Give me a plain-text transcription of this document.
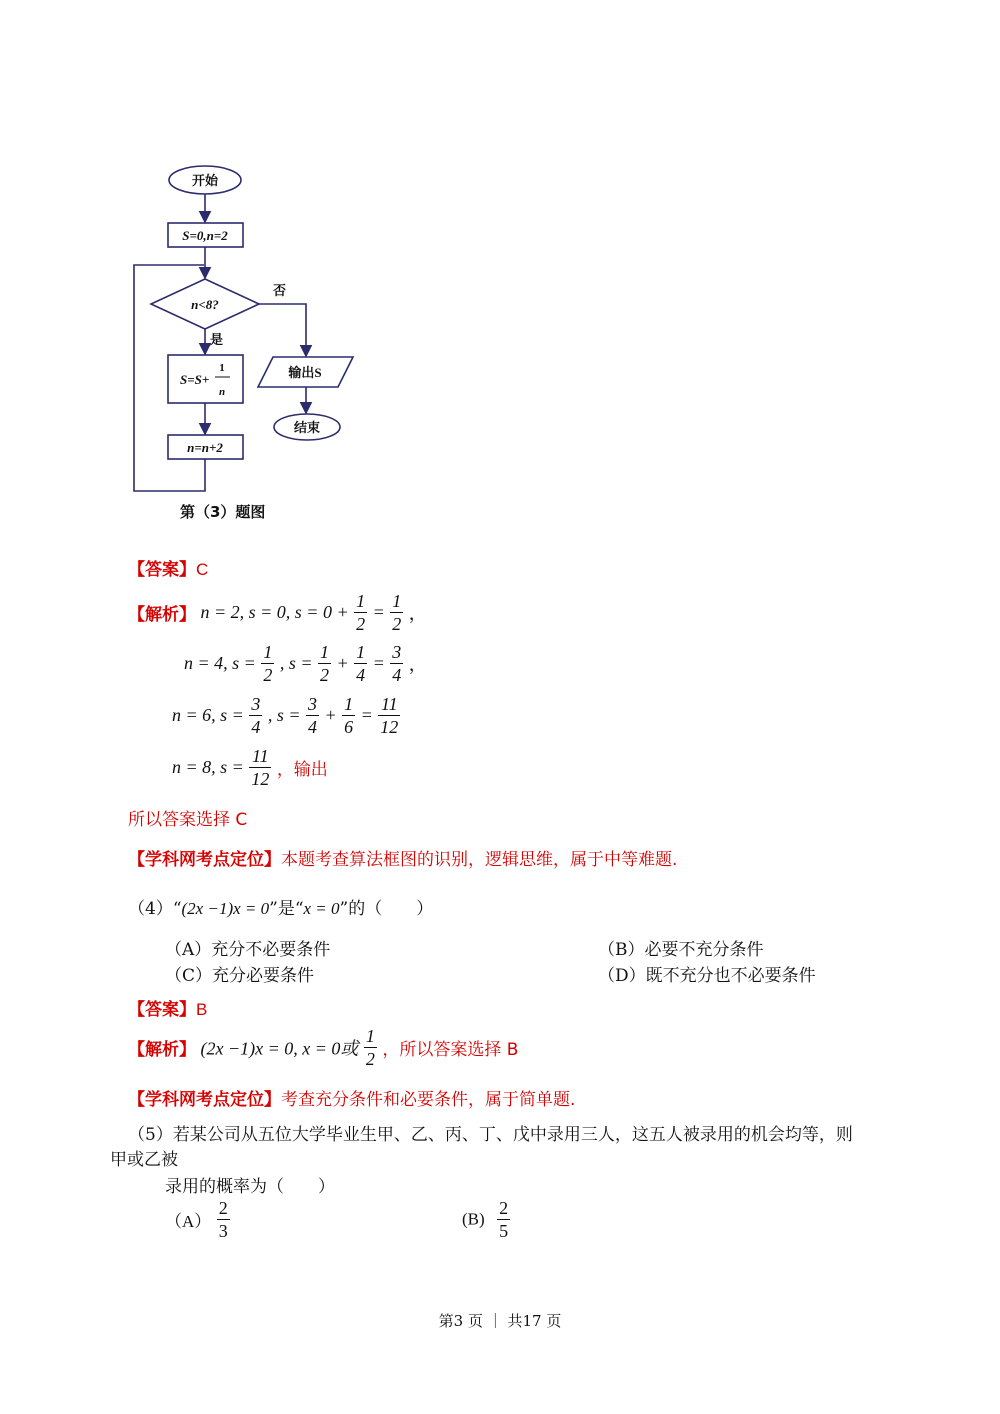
开始
S=0,n=2
n<8?
否
是
S=S+
1
n
输出S
结束
n=n+2
第（3）题图
【答案】C
【解析】 n = 2, s = 0, $s = 0 + \frac{1}{2} = \frac{1}{2}$ ，
n = 4, $s = \frac{1}{2}$ , $s = \frac{1}{2} + \frac{1}{4} = \frac{3}{4}$ ，
n = 6, $s = \frac{3}{4}$ , $s = \frac{3}{4} + \frac{1}{6} = \frac{11}{12}$
n = 8, $s = \frac{11}{12}$ ，输出
所以答案选择 C
【学科网考点定位】本题考查算法框图的识别，逻辑思维，属于中等难题.
（4）“(2x −1)x = 0”是“x = 0”的（　　）
（A）充分不必要条件	（B）必要不充分条件
（C）充分必要条件	（D）既不充分也不必要条件
【答案】B
【解析】 (2x −1)x = 0, x = 0或 $\frac{1}{2}$ ，所以答案选择 B
【学科网考点定位】考查充分条件和必要条件，属于简单题.
（5）若某公司从五位大学毕业生甲、乙、丙、丁、戊中录用三人，这五人被录用的机会均等，则
甲或乙被
录用的概率为（　　）
$(A) \frac{2}{3}$	$(B) \frac{2}{5}$
第3 页 ｜ 共17 页
